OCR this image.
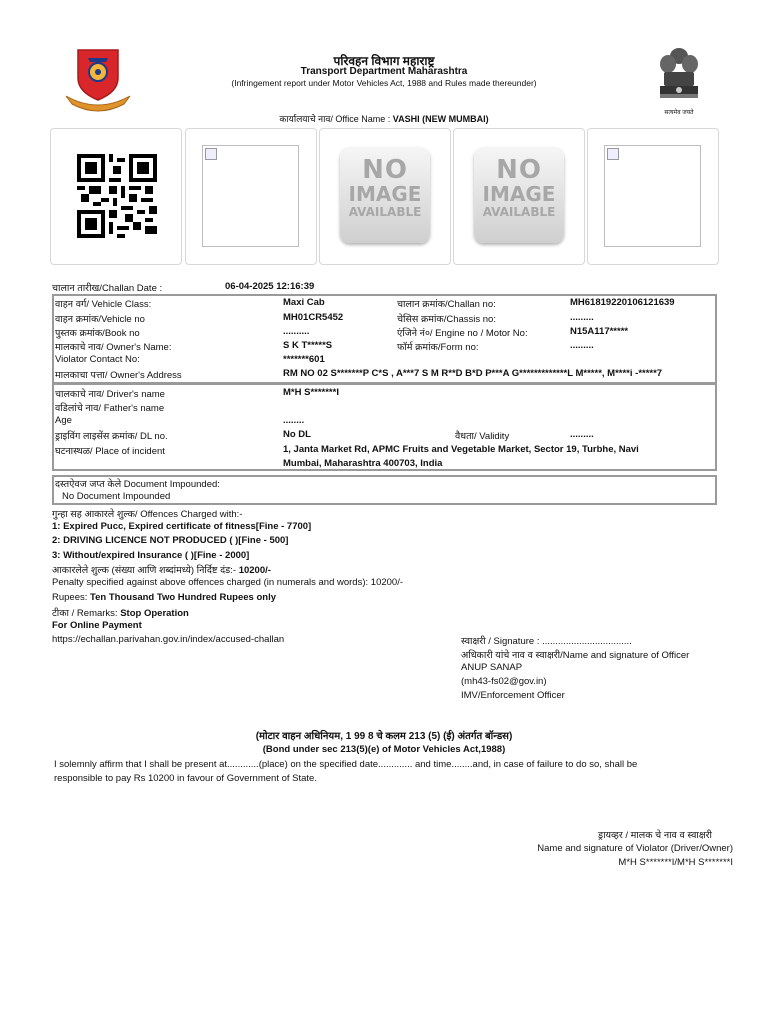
सत्यमेव जयते
परिवहन विभाग महाराष्ट्र
Transport Department Maharashtra
(Infringement report under Motor Vehicles Act, 1988 and Rules made thereunder)
कार्यालयाचे नाव/ Office Name : VASHI (NEW MUMBAI)
NO
IMAGE
AVAILABLE
NO
IMAGE
AVAILABLE
चालान तारीख/Challan Date :	06-04-2025 12:16:39
वाहन वर्ग/ Vehicle Class:	Maxi Cab	चालान क्रमांक/Challan no:	MH61819220106121639
वाहन क्रमांक/Vehicle no	MH01CR5452	चेसिस क्रमांक/Chassis no:	.........
पुस्तक क्रमांक/Book no	..........	एंजिने नं०/ Engine no / Motor No:	N15A117*****
मालकाचे नाव/ Owner's Name:	S K T*****S	फॉर्म क्रमांक/Form no:	.........
Violator Contact No:	*******601
मालकाचा पत्ता/ Owner's Address	RM NO 02 S*******P C*S , A***7 S M R**D B*D P***A G*************L M*****, M****i -*****7
चालकाचे नाव/ Driver's name	M*H S*******I
वडिलांचे नाव/ Father's name
Age	........
ड्राइविंग लाइसेंस क्रमांक/ DL no.	No DL	वैधता/ Validity	.........
घटनास्थळ/ Place of incident	1, Janta Market Rd, APMC Fruits and Vegetable Market, Sector 19, Turbhe, Navi
Mumbai, Maharashtra 400703, India
दस्तऐवज जप्त केले Document Impounded:
No Document Impounded
गुन्हा सह आकारले शुल्क/ Offences Charged with:-
1: Expired Pucc, Expired certificate of fitness[Fine - 7700]
2: DRIVING LICENCE NOT PRODUCED ( )[Fine - 500]
3: Without/expired Insurance ( )[Fine - 2000]
आकारलेले शुल्क (संख्या आणि शब्दांमध्ये) निर्दिष्ट दंड:- 10200/-
Penalty specified against above offences charged (in numerals and words): 10200/-
Rupees: Ten Thousand Two Hundred Rupees only
टीका / Remarks: Stop Operation
For Online Payment
https://echallan.parivahan.gov.in/index/accused-challan	स्वाक्षरी / Signature : ..................................
अधिकारी यांचे नाव व स्वाक्षरी/Name and signature of Officer
ANUP SANAP
(mh43-fs02@gov.in)
IMV/Enforcement Officer
(मोटार वाहन अधिनियम, 1 99 8 चे कलम 213 (5) (ई) अंतर्गत बॉन्डस)
(Bond under sec 213(5)(e) of Motor Vehicles Act,1988)
I solemnly affirm that I shall be present at............(place) on the specified date............. and time........and, in case of failure to do so, shall be
responsible to pay Rs 10200 in favour of Government of State.
ड्रायव्हर / मालक चे नाव व स्वाक्षरी
Name and signature of Violator (Driver/Owner)
M*H S*******I/M*H S*******I
